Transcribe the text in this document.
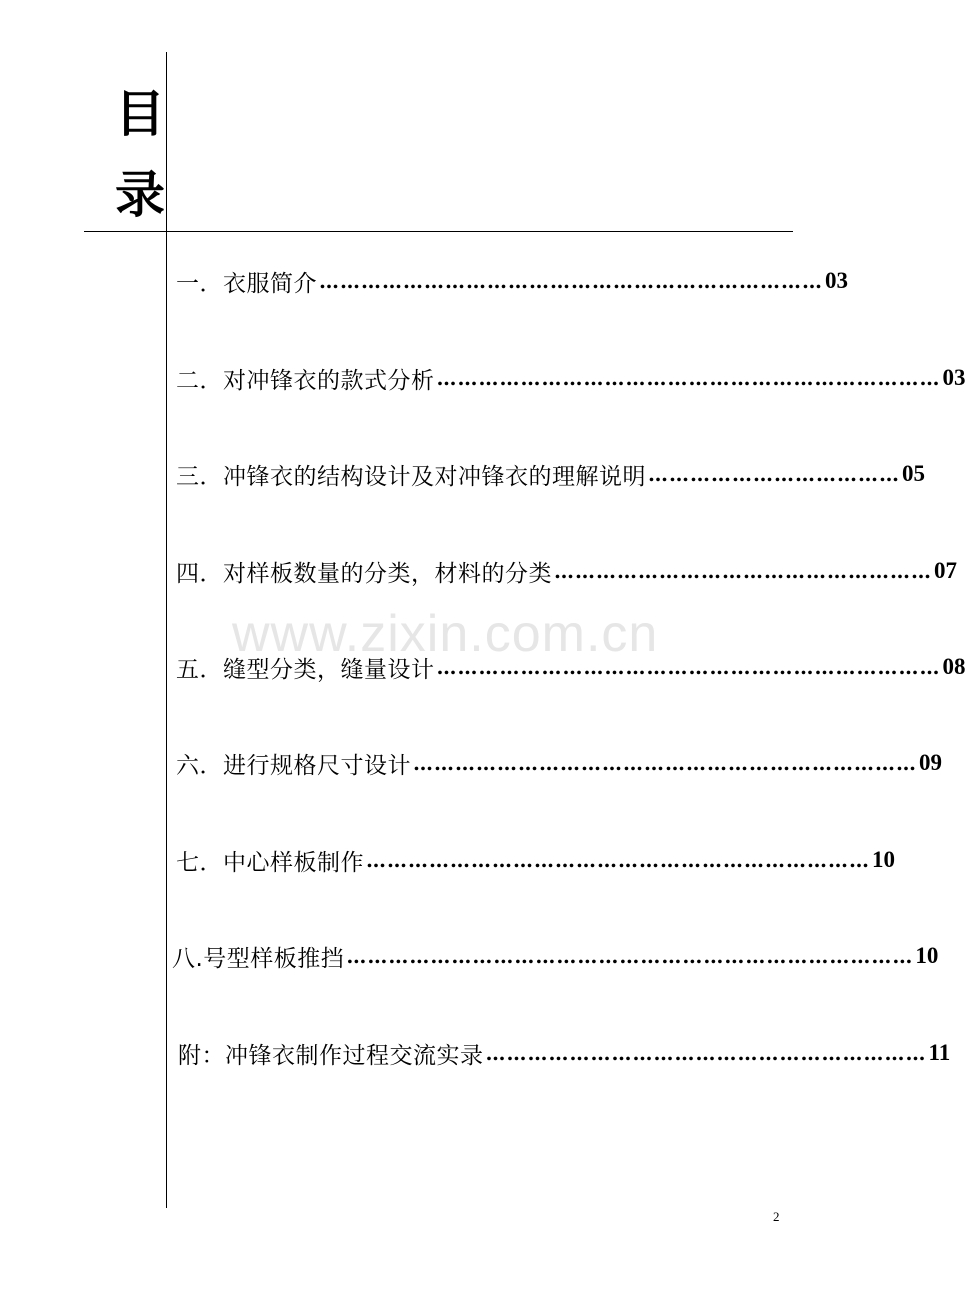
目
录
www.zixin.com.cn
一．衣服简介 ……………………………………………………………… 03
二．对冲锋衣的款式分析 ……………………………………………………………… 03
三．冲锋衣的结构设计及对冲锋衣的理解说明 ……………………………… 05
四．对样板数量的分类，材料的分类 ……………………………………………… 07
五．缝型分类，缝量设计 ……………………………………………………………… 08
六．进行规格尺寸设计 ……………………………………………………………… 09
七．中心样板制作 ……………………………………………………………… 10
八.号型样板推挡 ……………………………………………………………………… 10
附：冲锋衣制作过程交流实录 ……………………………………………………… 11
2
